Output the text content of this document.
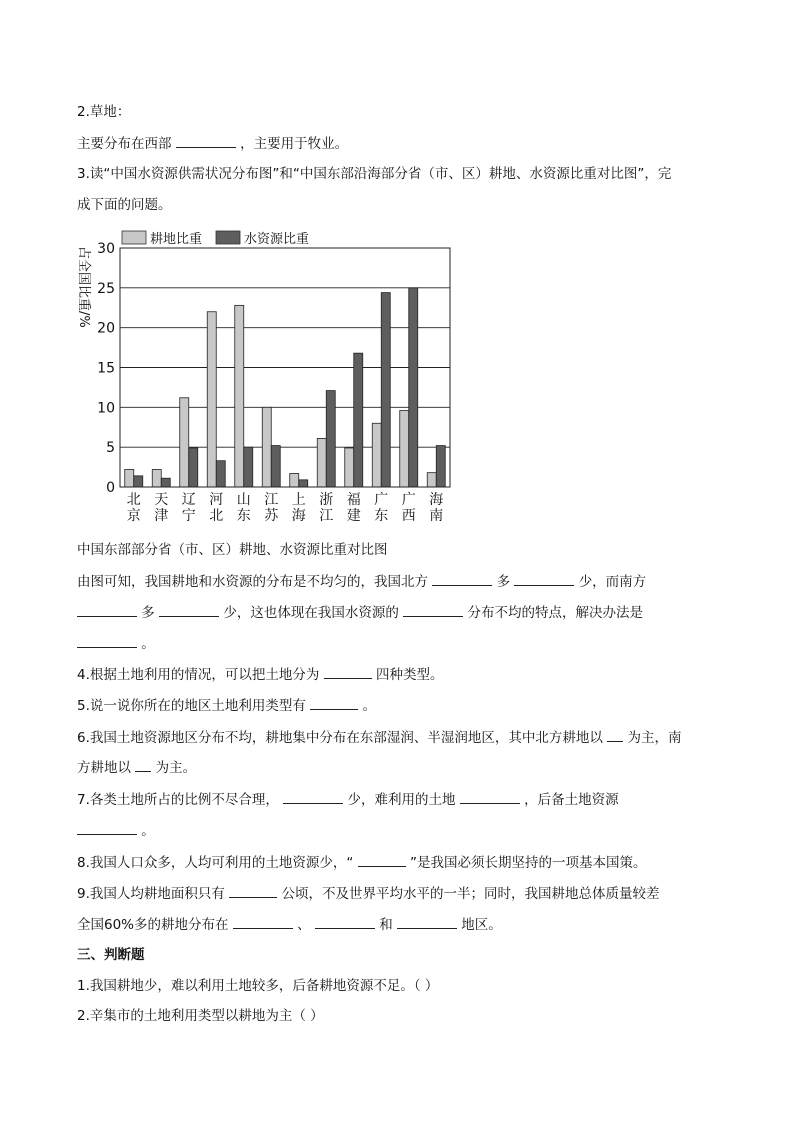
2.草地：
主要分布在西部	，主要用于牧业。
3.读“中国水资源供需状况分布图”和“中国东部沿海部分省（市、区）耕地、水资源比重对比图”，完
成下面的问题。
耕地比重	水资源比重
占全国比重/%
0
5
10
15
20
25
30
北
京
天
津
辽
宁
河
北
山
东
江
苏
上
海
浙
江
福
建
广
东
广
西
海
南
中国东部部分省（市、区）耕地、水资源比重对比图
由图可知，我国耕地和水资源的分布是不均匀的，我国北方	多	少，而南方
多	少，这也体现在我国水资源的	分布不均的特点，解决办法是
。
4.根据土地利用的情况，可以把土地分为	四种类型。
5.说一说你所在的地区土地利用类型有	。
6.我国土地资源地区分布不均，耕地集中分布在东部湿润、半湿润地区，其中北方耕地以 为主，南
方耕地以 为主。
7.各类土地所占的比例不尽合理，	少，难利用的土地	，后备土地资源
。
8.我国人口众多，人均可利用的土地资源少，“	”是我国必须长期坚持的一项基本国策。
9.我国人均耕地面积只有	公顷，不及世界平均水平的一半；同时，我国耕地总体质量较差
全国60%多的耕地分布在	、	和	地区。
三、判断题
1.我国耕地少，难以利用土地较多，后备耕地资源不足。（ ）
2.辛集市的土地利用类型以耕地为主（ ）
